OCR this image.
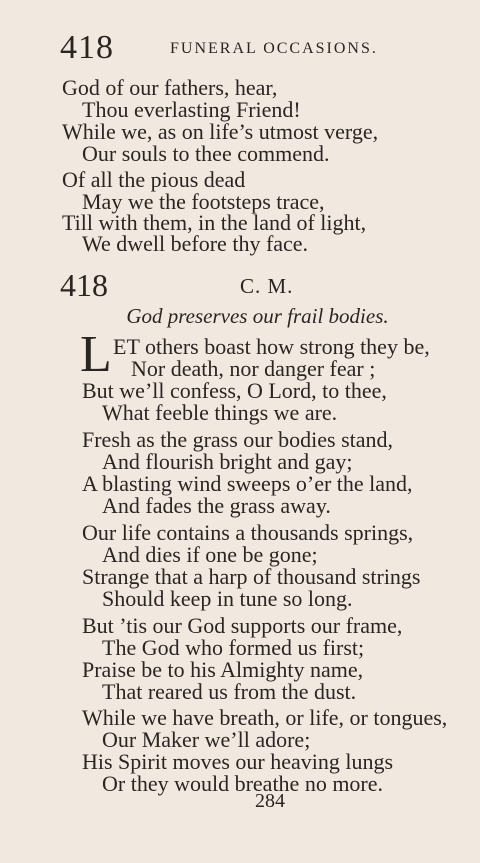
418	FUNERAL OCCASIONS.
God of our fathers, hear,
Thou everlasting Friend!
While we, as on life’s utmost verge,
Our souls to thee commend.
Of all the pious dead
May we the footsteps trace,
Till with them, in the land of light,
We dwell before thy face.
418	C. M.
God preserves our frail bodies.
L ET others boast how strong they be,
Nor death, nor danger fear ;
But we’ll confess, O Lord, to thee,
What feeble things we are.
Fresh as the grass our bodies stand,
And flourish bright and gay;
A blasting wind sweeps o’er the land,
And fades the grass away.
Our life contains a thousands springs,
And dies if one be gone;
Strange that a harp of thousand strings
Should keep in tune so long.
But ’tis our God supports our frame,
The God who formed us first;
Praise be to his Almighty name,
That reared us from the dust.
While we have breath, or life, or tongues,
Our Maker we’ll adore;
His Spirit moves our heaving lungs
Or they would breathe no more.
284
